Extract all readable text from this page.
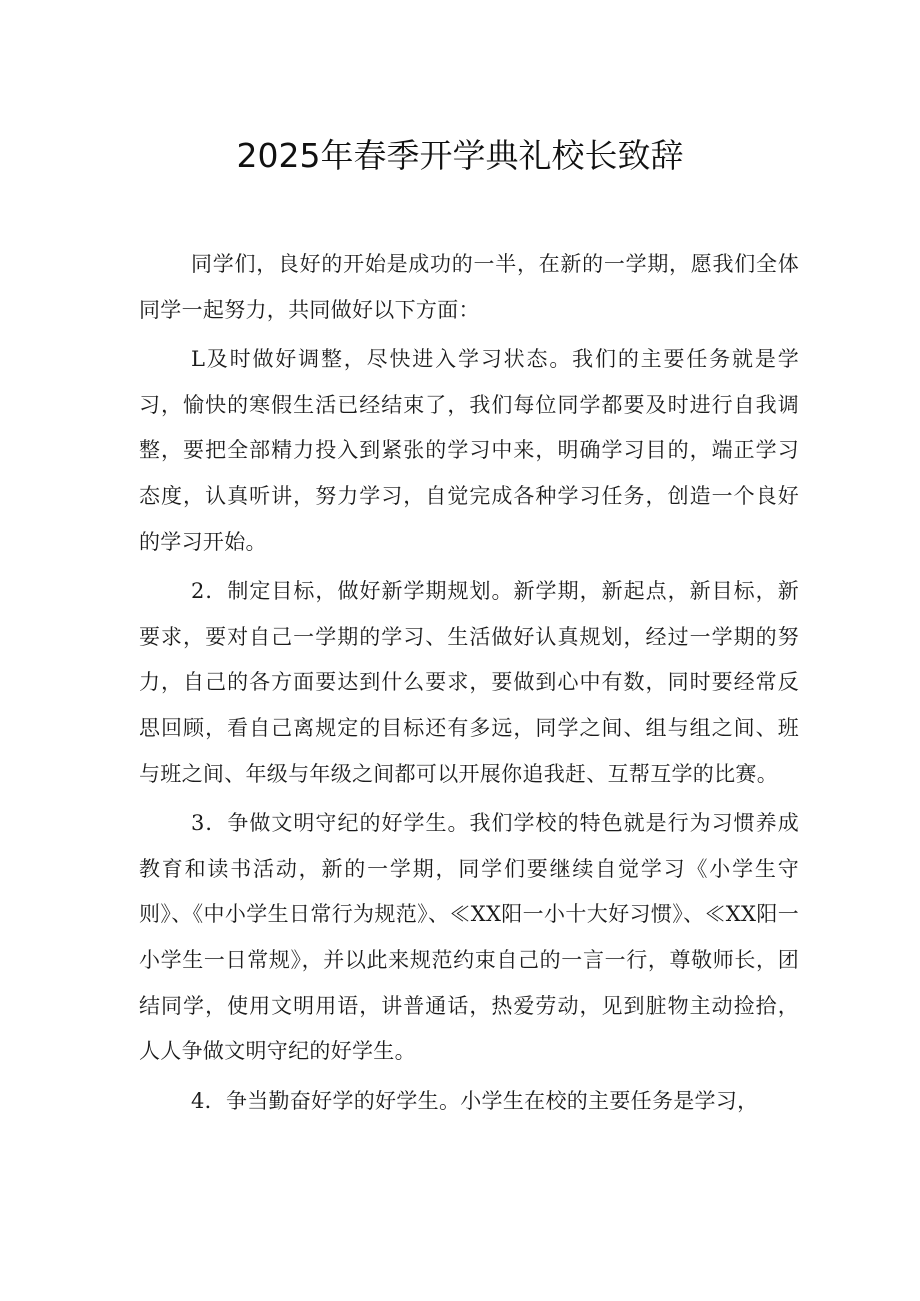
2025年春季开学典礼校长致辞

同学们，良好的开始是成功的一半，在新的一学期，愿我们全体同学一起努力，共同做好以下方面：

L及时做好调整，尽快进入学习状态。我们的主要任务就是学习，愉快的寒假生活已经结束了，我们每位同学都要及时进行自我调整，要把全部精力投入到紧张的学习中来，明确学习目的，端正学习态度，认真听讲，努力学习，自觉完成各种学习任务，创造一个良好的学习开始。

2．制定目标，做好新学期规划。新学期，新起点，新目标，新要求，要对自己一学期的学习、生活做好认真规划，经过一学期的努力，自己的各方面要达到什么要求，要做到心中有数，同时要经常反思回顾，看自己离规定的目标还有多远，同学之间、组与组之间、班与班之间、年级与年级之间都可以开展你追我赶、互帮互学的比赛。

3．争做文明守纪的好学生。我们学校的特色就是行为习惯养成教育和读书活动，新的一学期，同学们要继续自觉学习《小学生守则》、《中小学生日常行为规范》、≪XX阳一小十大好习惯》、≪XX阳一小学生一日常规》，并以此来规范约束自己的一言一行，尊敬师长，团结同学，使用文明用语，讲普通话，热爱劳动，见到脏物主动捡拾，人人争做文明守纪的好学生。

4．争当勤奋好学的好学生。小学生在校的主要任务是学习，
